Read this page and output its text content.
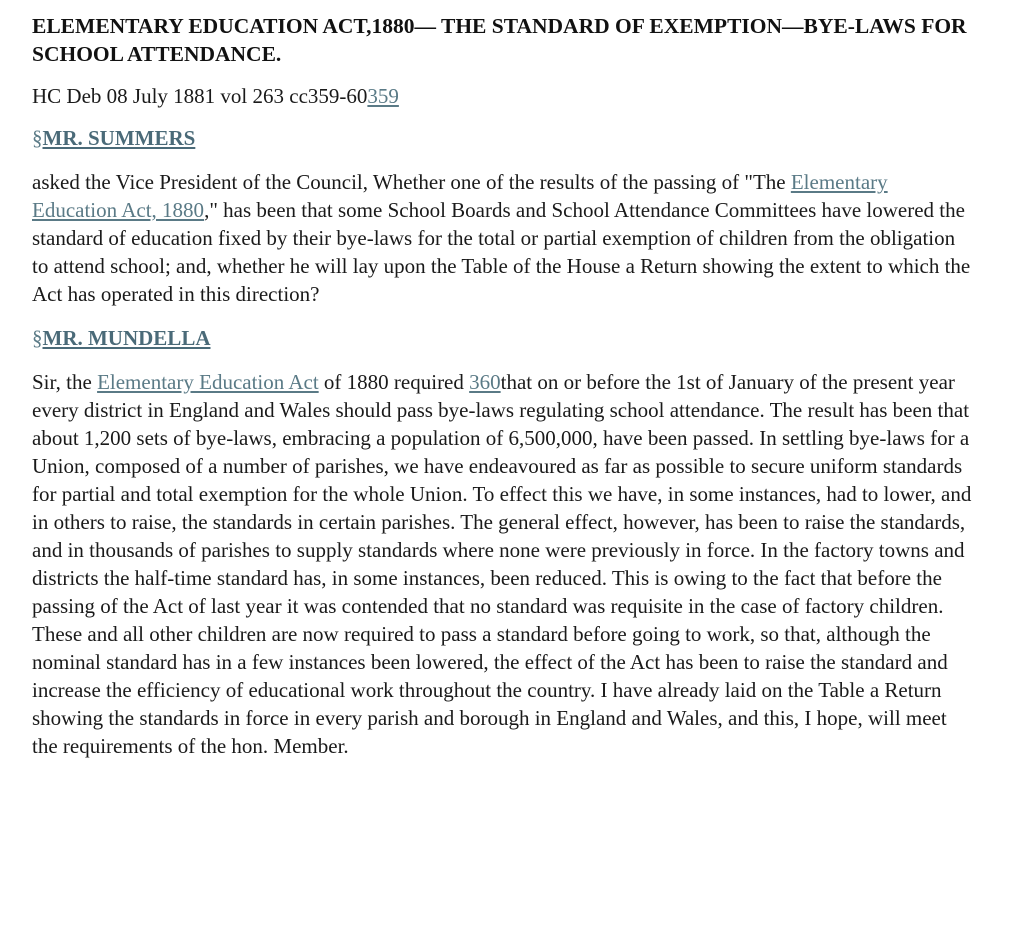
ELEMENTARY EDUCATION ACT,1880— THE STANDARD OF EXEMPTION—BYE-LAWS FOR SCHOOL ATTENDANCE.

HC Deb 08 July 1881 vol 263 cc359-60359

§MR. SUMMERS

asked the Vice President of the Council, Whether one of the results of the passing of "The Elementary Education Act, 1880," has been that some School Boards and School Attendance Committees have lowered the standard of education fixed by their bye-laws for the total or partial exemption of children from the obligation to attend school; and, whether he will lay upon the Table of the House a Return showing the extent to which the Act has operated in this direction?

§MR. MUNDELLA

Sir, the Elementary Education Act of 1880 required 360that on or before the 1st of January of the present year every district in England and Wales should pass bye-laws regulating school attendance. The result has been that about 1,200 sets of bye-laws, embracing a population of 6,500,000, have been passed. In settling bye-laws for a Union, composed of a number of parishes, we have endeavoured as far as possible to secure uniform standards for partial and total exemption for the whole Union. To effect this we have, in some instances, had to lower, and in others to raise, the standards in certain parishes. The general effect, however, has been to raise the standards, and in thousands of parishes to supply standards where none were previously in force. In the factory towns and districts the half-time standard has, in some instances, been reduced. This is owing to the fact that before the passing of the Act of last year it was contended that no standard was requisite in the case of factory children. These and all other children are now required to pass a standard before going to work, so that, although the nominal standard has in a few instances been lowered, the effect of the Act has been to raise the standard and increase the efficiency of educational work throughout the country. I have already laid on the Table a Return showing the standards in force in every parish and borough in England and Wales, and this, I hope, will meet the requirements of the hon. Member.
